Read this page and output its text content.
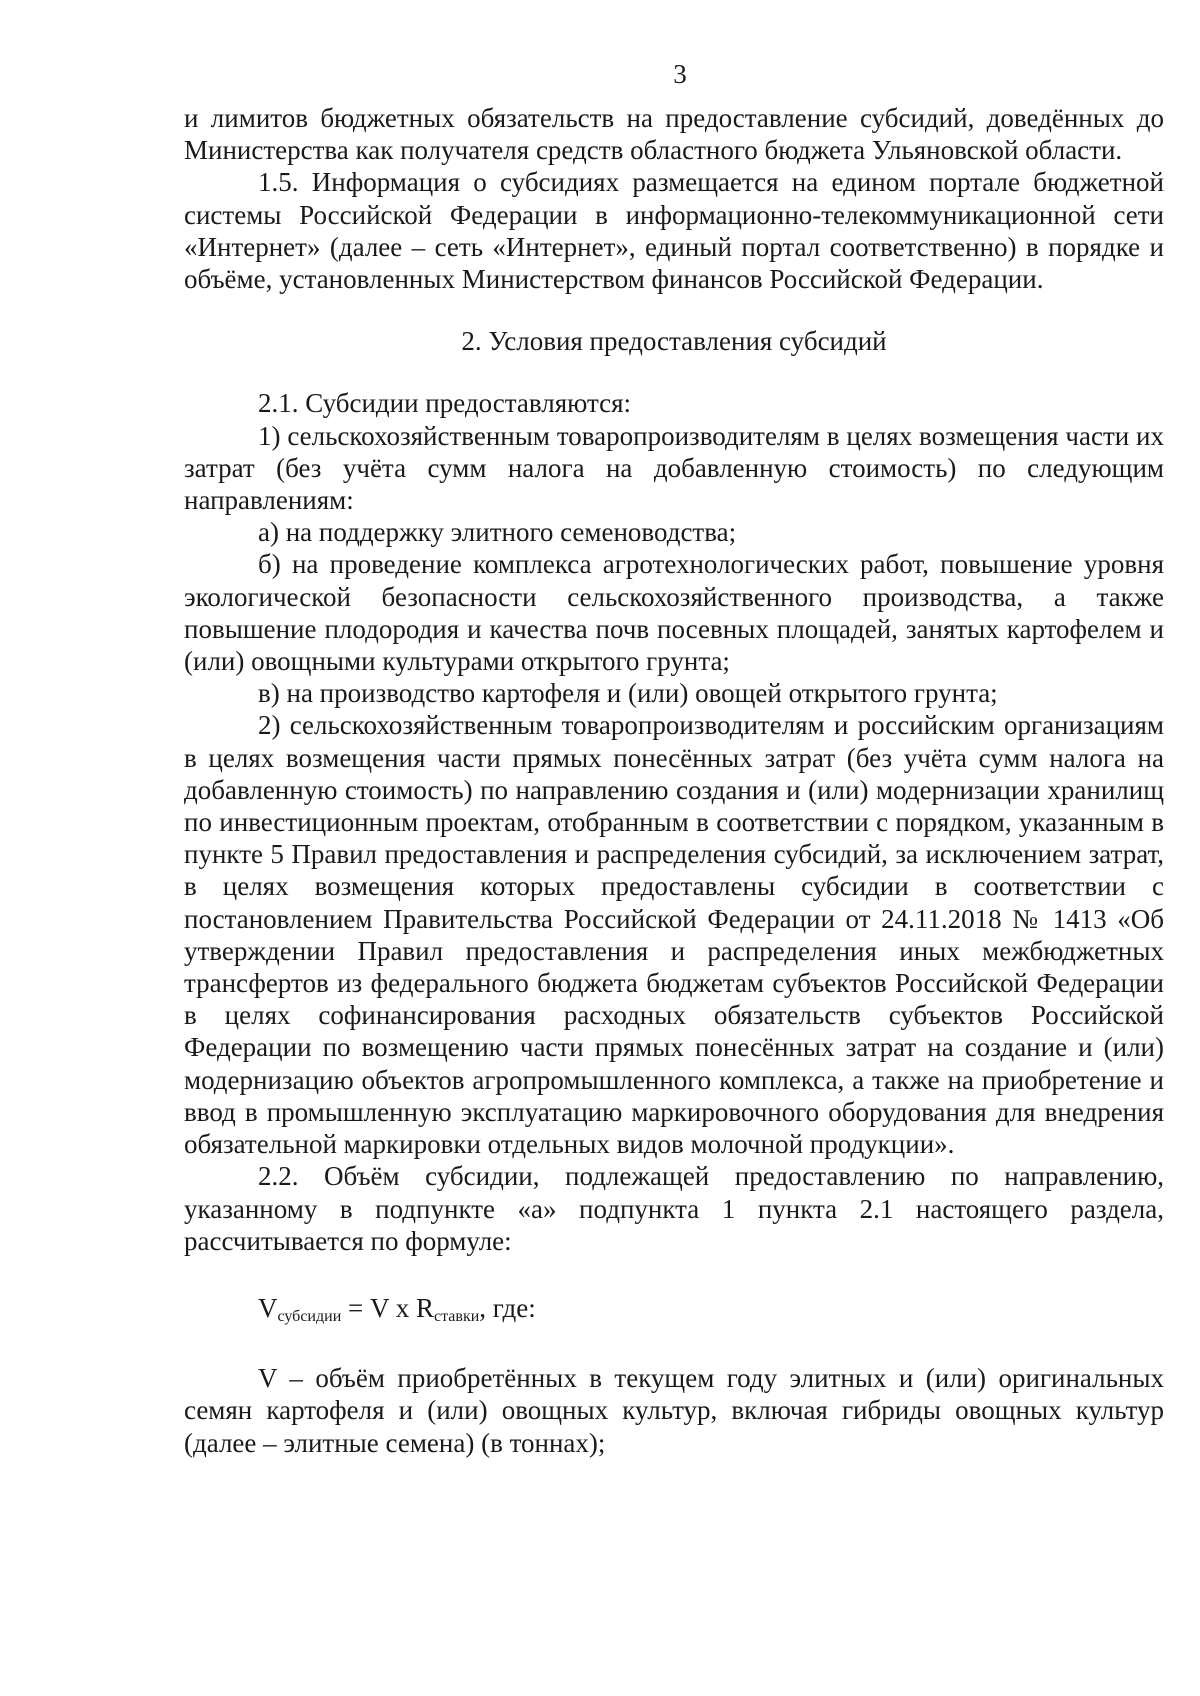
3

и лимитов бюджетных обязательств на предоставление субсидий, доведённых до Министерства как получателя средств областного бюджета Ульяновской области.

1.5. Информация о субсидиях размещается на едином портале бюджетной системы Российской Федерации в информационно-телекоммуникационной сети «Интернет» (далее – сеть «Интернет», единый портал соответственно) в порядке и объёме, установленных Министерством финансов Российской Федерации.

2. Условия предоставления субсидий

2.1. Субсидии предоставляются:

1) сельскохозяйственным товаропроизводителям в целях возмещения части их затрат (без учёта сумм налога на добавленную стоимость) по следующим направлениям:

а) на поддержку элитного семеноводства;

б) на проведение комплекса агротехнологических работ, повышение уровня экологической безопасности сельскохозяйственного производства, а также повышение плодородия и качества почв посевных площадей, занятых картофелем и (или) овощными культурами открытого грунта;

в) на производство картофеля и (или) овощей открытого грунта;

2) сельскохозяйственным товаропроизводителям и российским организациям в целях возмещения части прямых понесённых затрат (без учёта сумм налога на добавленную стоимость) по направлению создания и (или) модернизации хранилищ по инвестиционным проектам, отобранным в соответствии с порядком, указанным в пункте 5 Правил предоставления и распределения субсидий, за исключением затрат, в целях возмещения которых предоставлены субсидии в соответствии с постановлением Правительства Российской Федерации от 24.11.2018 № 1413 «Об утверждении Правил предоставления и распределения иных межбюджетных трансфертов из федерального бюджета бюджетам субъектов Российской Федерации в целях софинансирования расходных обязательств субъектов Российской Федерации по возмещению части прямых понесённых затрат на создание и (или) модернизацию объектов агропромышленного комплекса, а также на приобретение и ввод в промышленную эксплуатацию маркировочного оборудования для внедрения обязательной маркировки отдельных видов молочной продукции».

2.2. Объём субсидии, подлежащей предоставлению по направлению, указанному в подпункте «а» подпункта 1 пункта 2.1 настоящего раздела, рассчитывается по формуле:

$V_{субсидии} = V$ x $R_{ставки}$, где:

V – объём приобретённых в текущем году элитных и (или) оригинальных семян картофеля и (или) овощных культур, включая гибриды овощных культур (далее – элитные семена) (в тоннах);
